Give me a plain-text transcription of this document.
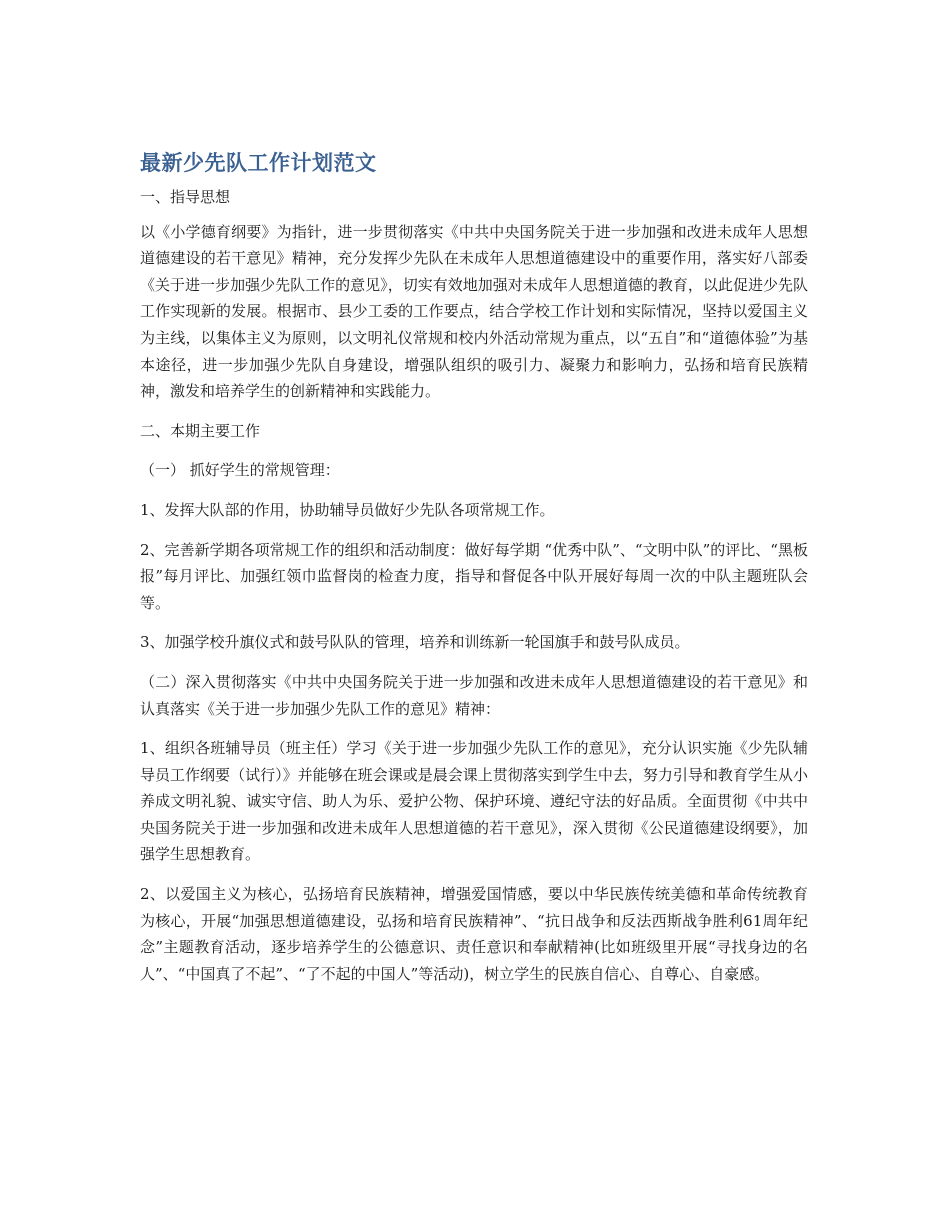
最新少先队工作计划范文

一、指导思想

以《小学德育纲要》为指针，进一步贯彻落实《中共中央国务院关于进一步加强和改进未成年人思想道德建设的若干意见》精神，充分发挥少先队在未成年人思想道德建设中的重要作用，落实好八部委《关于进一步加强少先队工作的意见》，切实有效地加强对未成年人思想道德的教育，以此促进少先队工作实现新的发展。根据市、县少工委的工作要点，结合学校工作计划和实际情况，坚持以爱国主义为主线，以集体主义为原则，以文明礼仪常规和校内外活动常规为重点，以“五自”和“道德体验”为基本途径，进一步加强少先队自身建设，增强队组织的吸引力、凝聚力和影响力，弘扬和培育民族精神，激发和培养学生的创新精神和实践能力。

二、本期主要工作

（一） 抓好学生的常规管理：

1、发挥大队部的作用，协助辅导员做好少先队各项常规工作。

2、完善新学期各项常规工作的组织和活动制度：做好每学期 “优秀中队”、“文明中队”的评比、“黑板报”每月评比、加强红领巾监督岗的检查力度，指导和督促各中队开展好每周一次的中队主题班队会等。

3、加强学校升旗仪式和鼓号队队的管理，培养和训练新一轮国旗手和鼓号队成员。

（二）深入贯彻落实《中共中央国务院关于进一步加强和改进未成年人思想道德建设的若干意见》和认真落实《关于进一步加强少先队工作的意见》精神：

1、组织各班辅导员（班主任）学习《关于进一步加强少先队工作的意见》，充分认识实施《少先队辅导员工作纲要（试行）》并能够在班会课或是晨会课上贯彻落实到学生中去，努力引导和教育学生从小养成文明礼貌、诚实守信、助人为乐、爱护公物、保护环境、遵纪守法的好品质。全面贯彻《中共中央国务院关于进一步加强和改进未成年人思想道德的若干意见》，深入贯彻《公民道德建设纲要》，加强学生思想教育。

2、以爱国主义为核心，弘扬培育民族精神，增强爱国情感，要以中华民族传统美德和革命传统教育为核心，开展“加强思想道德建设，弘扬和培育民族精神”、“抗日战争和反法西斯战争胜利61周年纪念”主题教育活动，逐步培养学生的公德意识、责任意识和奉献精神(比如班级里开展“寻找身边的名人”、“中国真了不起”、“了不起的中国人”等活动)，树立学生的民族自信心、自尊心、自豪感。
